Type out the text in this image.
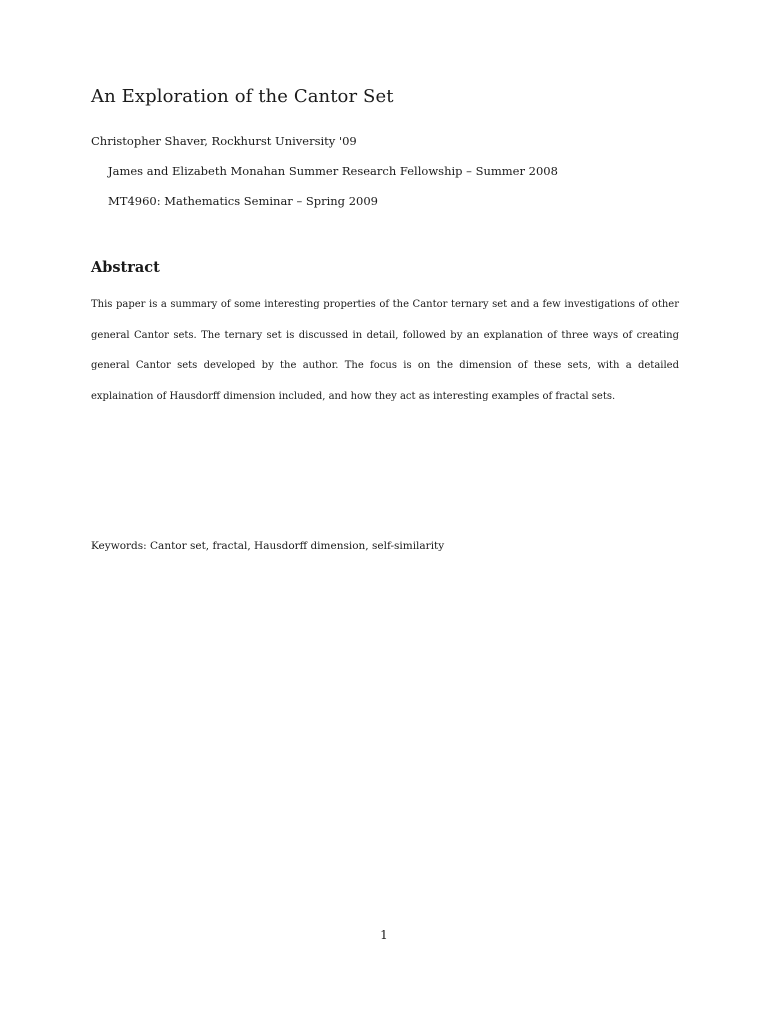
An Exploration of the Cantor Set
Christopher Shaver, Rockhurst University '09
James and Elizabeth Monahan Summer Research Fellowship – Summer 2008
MT4960: Mathematics Seminar – Spring 2009
Abstract

This paper is a summary of some interesting properties of the Cantor ternary set and a few investigations of other general Cantor sets. The ternary set is discussed in detail, followed by an explanation of three ways of creating general Cantor sets developed by the author. The focus is on the dimension of these sets, with a detailed explaination of Hausdorff dimension included, and how they act as interesting examples of fractal sets.

Keywords: Cantor set, fractal, Hausdorff dimension, self-similarity
1
